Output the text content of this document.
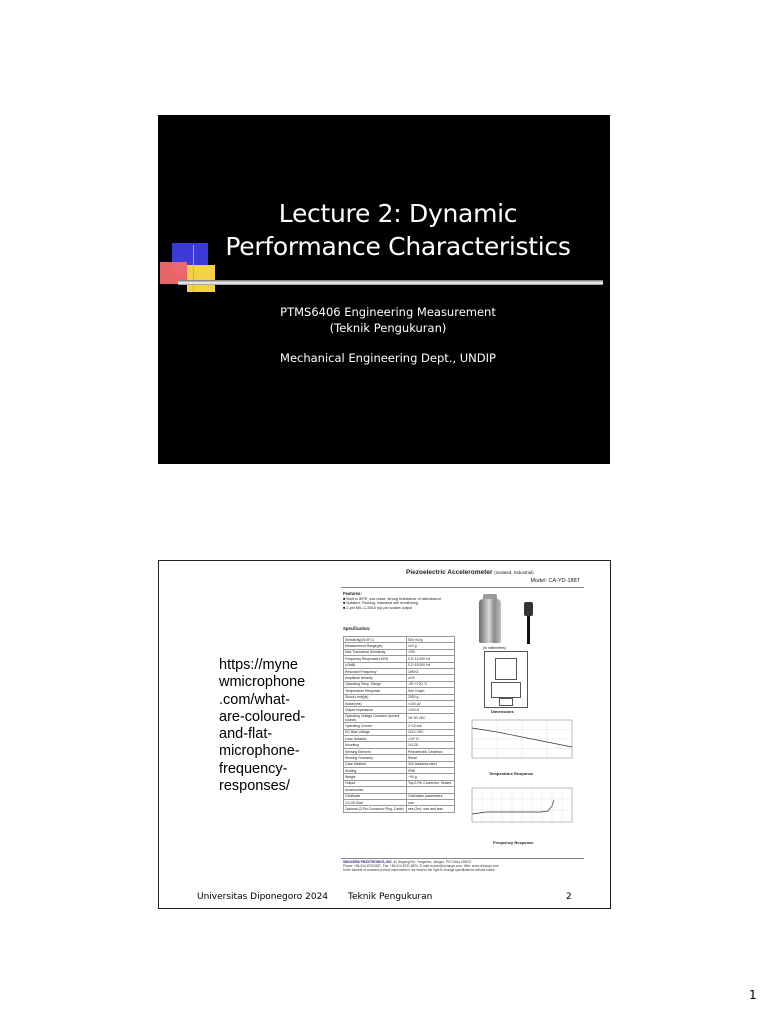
Lecture 2: Dynamic
Performance Characteristics
PTMS6406 Engineering Measurement
(Teknik Pengukuran)
Mechanical Engineering Dept., UNDIP
https://myne
wmicrophone
.com/what-
are-coloured-
and-flat-
microphone-
frequency-
responses/
Piezoelectric Accelerometer (isolated, Industrial)
Model: CA-YD-188T
Features:
■ Built in IEPE, low noise, strong resistance of disturbance
■ Isolated, Flowing, industrial site monitoring
■ 2-pin MIL-C-5015 top-pin socket output
Specification:
Sensitivity(20±5°C)	500 mV/g
Measurement Range(pk)	±10 g
Max Transverse Sensitivity	<5%
Frequency Response(±10%)	0.5~12,000 Hz
(±3dB)	0.2~15,000 Hz
Resonant Frequency	18KHZ
Amplitude linearity	≤1%
Operating Temp. Range	-40~+120 °C
Temperature Response	See Graph
Shock Limit(pk)	2000 g
Noise(rms)	<100 μV
Output Impedance	<100 Ω
Operating Voltage Constant (current source)	18~30 VDC
Operating Current	2~10 mA
DC Bias Voltage	12±2 VDC
Case Isolation	>10⁸ Ω
Mounting	1/4-28
Sensing Element	Piezoelectric Ceramics
Sensing Geometry	Shear
Case Material	304 Stainless steel
Sealing	IP68
Weight	~90 g
Output	Top 2-Pin Connector, Sealed
Accessories	
Certificate	Calibration parameters
1/4-28 Stud	one
Optional (2-Pin Connector Plug, Cable)	see (2m), size and less
(In millimeters)
Dimensions
Temperature Response
Frequency Response
SINOCERA PIEZOTRONICS, INC. 40 Wuyang Rd., Yangzhou, Jiangsu, P.R.China 225007
Phone: +86-514-87323287, Fax: +86-514-8732-8870, E-mail: export@chinacyx.com, Web: www.chinacyx.com
In the interest of constant product improvement, we reserve the right to change specifications without notice.
Universitas Diponegoro 2024 Teknik Pengukuran	2
1
